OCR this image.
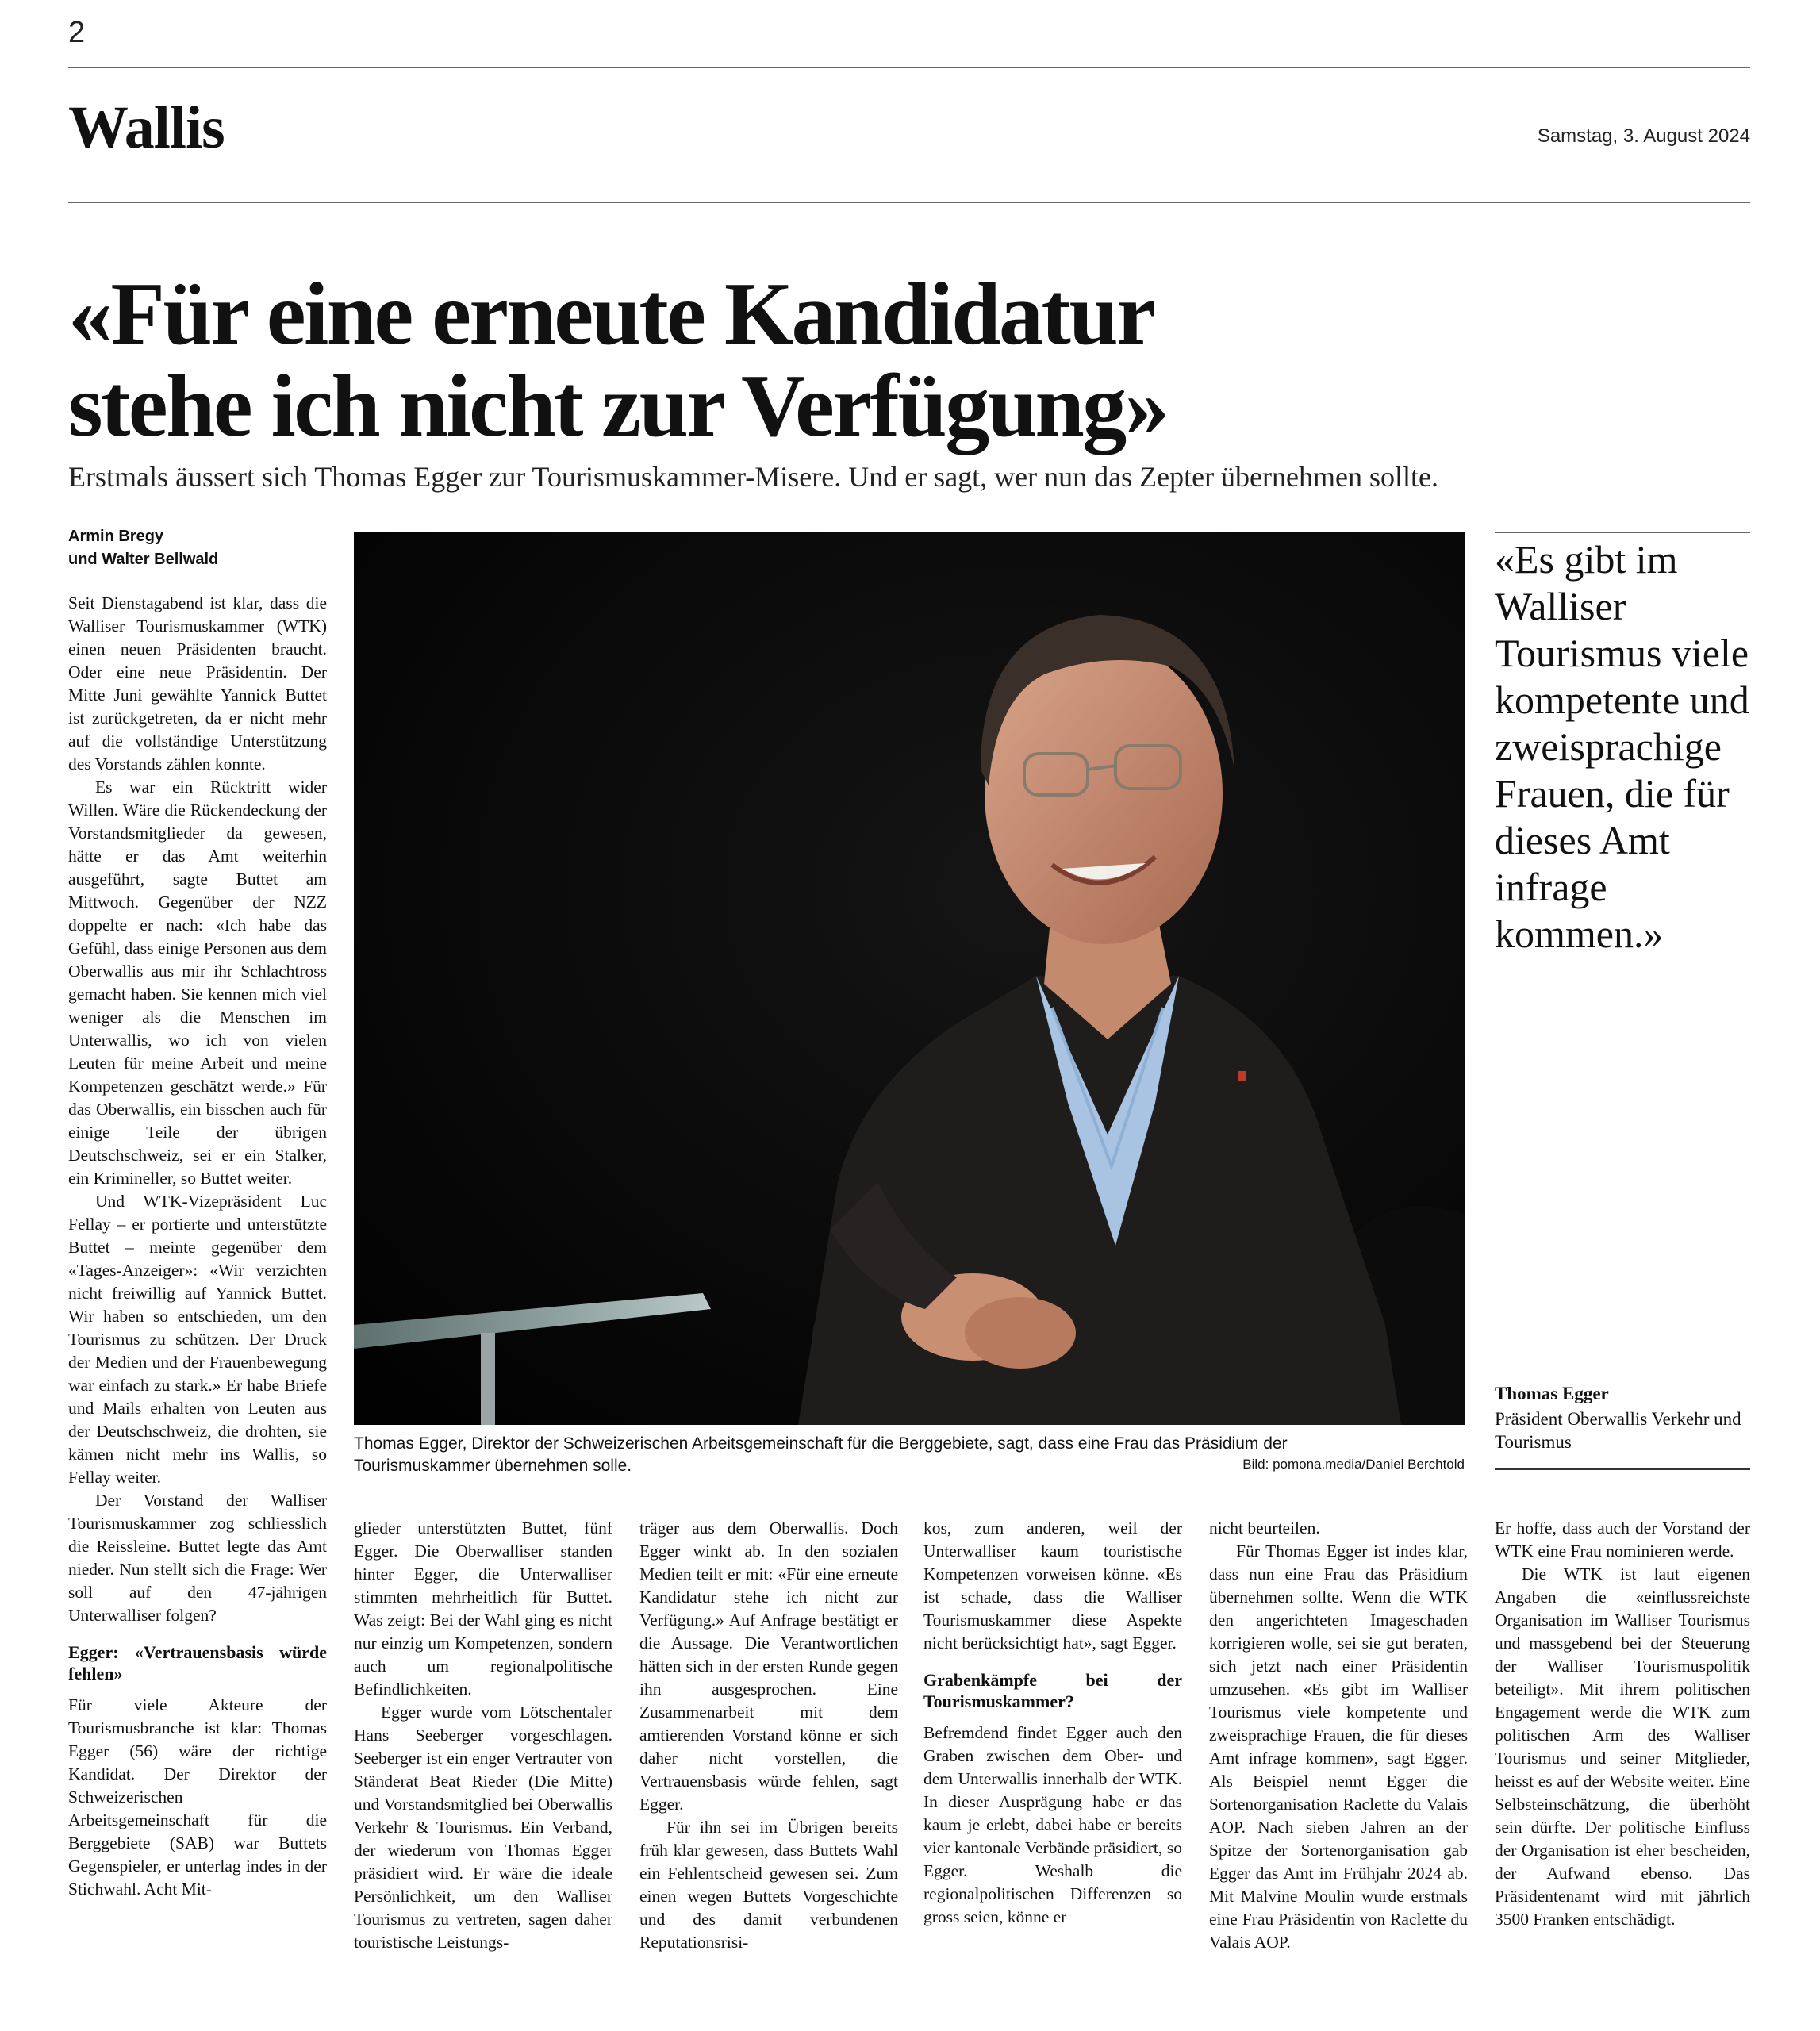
2
Wallis	Samstag, 3. August 2024
«Für eine erneute Kandidatur
stehe ich nicht zur Verfügung»
Erstmals äussert sich Thomas Egger zur Tourismuskammer-Misere. Und er sagt, wer nun das Zepter übernehmen sollte.
Armin Bregy
und Walter Bellwald

Seit Dienstagabend ist klar, dass die Walliser Tourismuskammer (WTK) einen neuen Präsidenten braucht. Oder eine neue Präsidentin. Der Mitte Juni gewählte Yannick Buttet ist zurückgetreten, da er nicht mehr auf die vollständige Unterstützung des Vorstands zählen konnte.

Es war ein Rücktritt wider Willen. Wäre die Rückendeckung der Vorstandsmitglieder da gewesen, hätte er das Amt weiterhin ausgeführt, sagte Buttet am Mittwoch. Gegenüber der NZZ doppelte er nach: «Ich habe das Gefühl, dass einige Personen aus dem Oberwallis aus mir ihr Schlachtross gemacht haben. Sie kennen mich viel weniger als die Menschen im Unterwallis, wo ich von vielen Leuten für meine Arbeit und meine Kompetenzen geschätzt werde.» Für das Oberwallis, ein bisschen auch für einige Teile der übrigen Deutschschweiz, sei er ein Stalker, ein Krimineller, so Buttet weiter.

Und WTK-Vizepräsident Luc Fellay – er portierte und unterstützte Buttet – meinte gegenüber dem «Tages-Anzeiger»: «Wir verzichten nicht freiwillig auf Yannick Buttet. Wir haben so entschieden, um den Tourismus zu schützen. Der Druck der Medien und der Frauenbewegung war einfach zu stark.» Er habe Briefe und Mails erhalten von Leuten aus der Deutschschweiz, die drohten, sie kämen nicht mehr ins Wallis, so Fellay weiter.

Der Vorstand der Walliser Tourismuskammer zog schliesslich die Reissleine. Buttet legte das Amt nieder. Nun stellt sich die Frage: Wer soll auf den 47-jährigen Unterwalliser folgen?

Egger: «Vertrauensbasis würde fehlen»

Für viele Akteure der Tourismusbranche ist klar: Thomas Egger (56) wäre der richtige Kandidat. Der Direktor der Schweizerischen Arbeitsgemeinschaft für die Berggebiete (SAB) war Buttets Gegenspieler, er unterlag indes in der Stichwahl. Acht Mit-

Thomas Egger, Direktor der Schweizerischen Arbeitsgemeinschaft für die Berggebiete, sagt, dass eine Frau das Präsidium der Tourismuskammer übernehmen solle.	Bild: pomona.media/Daniel Berchtold
«Es gibt im Walliser Tourismus viele kompetente und zweisprachige Frauen, die für dieses Amt infrage kommen.»
Thomas Egger
Präsident Oberwallis Verkehr und Tourismus

glieder unterstützten Buttet, fünf Egger. Die Oberwalliser standen hinter Egger, die Unterwalliser stimmten mehrheitlich für Buttet. Was zeigt: Bei der Wahl ging es nicht nur einzig um Kompetenzen, sondern auch um regionalpolitische Befindlichkeiten.

Egger wurde vom Lötschentaler Hans Seeberger vorgeschlagen. Seeberger ist ein enger Vertrauter von Ständerat Beat Rieder (Die Mitte) und Vorstandsmitglied bei Oberwallis Verkehr & Tourismus. Ein Verband, der wiederum von Thomas Egger präsidiert wird. Er wäre die ideale Persönlichkeit, um den Walliser Tourismus zu vertreten, sagen daher touristische Leistungs-

träger aus dem Oberwallis. Doch Egger winkt ab. In den sozialen Medien teilt er mit: «Für eine erneute Kandidatur stehe ich nicht zur Verfügung.» Auf Anfrage bestätigt er die Aussage. Die Verantwortlichen hätten sich in der ersten Runde gegen ihn ausgesprochen. Eine Zusammenarbeit mit dem amtierenden Vorstand könne er sich daher nicht vorstellen, die Vertrauensbasis würde fehlen, sagt Egger.

Für ihn sei im Übrigen bereits früh klar gewesen, dass Buttets Wahl ein Fehlentscheid gewesen sei. Zum einen wegen Buttets Vorgeschichte und des damit verbundenen Reputationsrisi-

kos, zum anderen, weil der Unterwalliser kaum touristische Kompetenzen vorweisen könne. «Es ist schade, dass die Walliser Tourismuskammer diese Aspekte nicht berücksichtigt hat», sagt Egger.

Grabenkämpfe bei der Tourismuskammer?

Befremdend findet Egger auch den Graben zwischen dem Ober- und dem Unterwallis innerhalb der WTK. In dieser Ausprägung habe er das kaum je erlebt, dabei habe er bereits vier kantonale Verbände präsidiert, so Egger. Weshalb die regionalpolitischen Differenzen so gross seien, könne er

nicht beurteilen.

Für Thomas Egger ist indes klar, dass nun eine Frau das Präsidium übernehmen sollte. Wenn die WTK den angerichteten Imageschaden korrigieren wolle, sei sie gut beraten, sich jetzt nach einer Präsidentin umzusehen. «Es gibt im Walliser Tourismus viele kompetente und zweisprachige Frauen, die für dieses Amt infrage kommen», sagt Egger. Als Beispiel nennt Egger die Sortenorganisation Raclette du Valais AOP. Nach sieben Jahren an der Spitze der Sortenorganisation gab Egger das Amt im Frühjahr 2024 ab. Mit Malvine Moulin wurde erstmals eine Frau Präsidentin von Raclette du Valais AOP.

Er hoffe, dass auch der Vorstand der WTK eine Frau nominieren werde.

Die WTK ist laut eigenen Angaben die «einflussreichste Organisation im Walliser Tourismus und massgebend bei der Steuerung der Walliser Tourismuspolitik beteiligt». Mit ihrem politischen Engagement werde die WTK zum politischen Arm des Walliser Tourismus und seiner Mitglieder, heisst es auf der Website weiter. Eine Selbsteinschätzung, die überhöht sein dürfte. Der politische Einfluss der Organisation ist eher bescheiden, der Aufwand ebenso. Das Präsidentenamt wird mit jährlich 3500 Franken entschädigt.
